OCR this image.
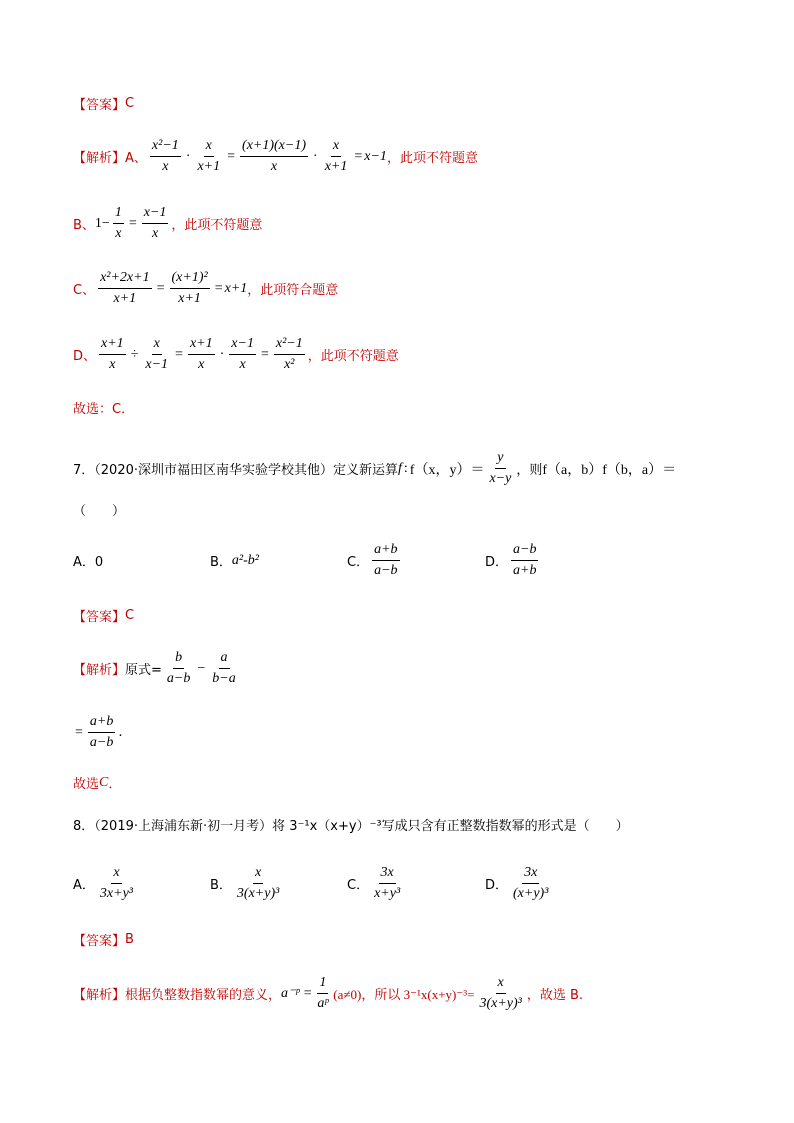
【答案】 C
【解析】 A、 $\frac{\text{x²−1}}{x} \cdot \frac{x}{x+1} = \frac{(x+1)(x-1)}{x} \cdot \frac{x}{x+1} = x-1$ ，此项不符题意
B、 $1- \frac{1}{x} = \frac{x-1}{x}$ ，此项不符题意
C、 $\frac{\text{x²+2x+1}}{x+1} = \frac{\text{(x+1)²}}{x+1} = x+1$ ，此项符合题意
D、 $\frac{x+1}{x} \div \frac{x}{x-1} = \frac{x+1}{x} \cdot \frac{x-1}{x} = \frac{\text{x²−1}}{\text{x²}}$ ，此项不符题意
故选：C．
7．（2020·深圳市福田区南华实验学校其他）定义新运算 f : f（x，$y)= \frac{y}{x-y}$ ，则 f（a，b）f（b，a）＝
（　　）
A．0	B． a²-b²	C． $\frac{a+b}{a-b}$	D． $\frac{a-b}{a+b}$
【答案】 C
【解析】 原式= $\frac{b}{a-b} - \frac{a}{b-a}$
= $\frac{a+b}{a-b}$ .
故选 C ．
8．（2019·上海浦东新·初一月考）将 3⁻¹x（x+y）⁻³写成只含有正整数指数幂的形式是（　　）
A． $\frac{x}{\text{3x+y³}}$	B． $\frac{x}{\text{3(x+y)³}}$	C． $\frac{3x}{\text{x+y³}}$	D． $\frac{3x}{\text{(x+y)³}}$
【答案】 B
【解析】 根据负整数指数幂的意义， a⁻ᵖ = $\frac{1}{\text{aᵖ}} (a\ne 0)$，所以 $3^{-1}x(x+y)^{-3}= \frac{x}{\text{3(x+y)³}}$ ，故选 B.
